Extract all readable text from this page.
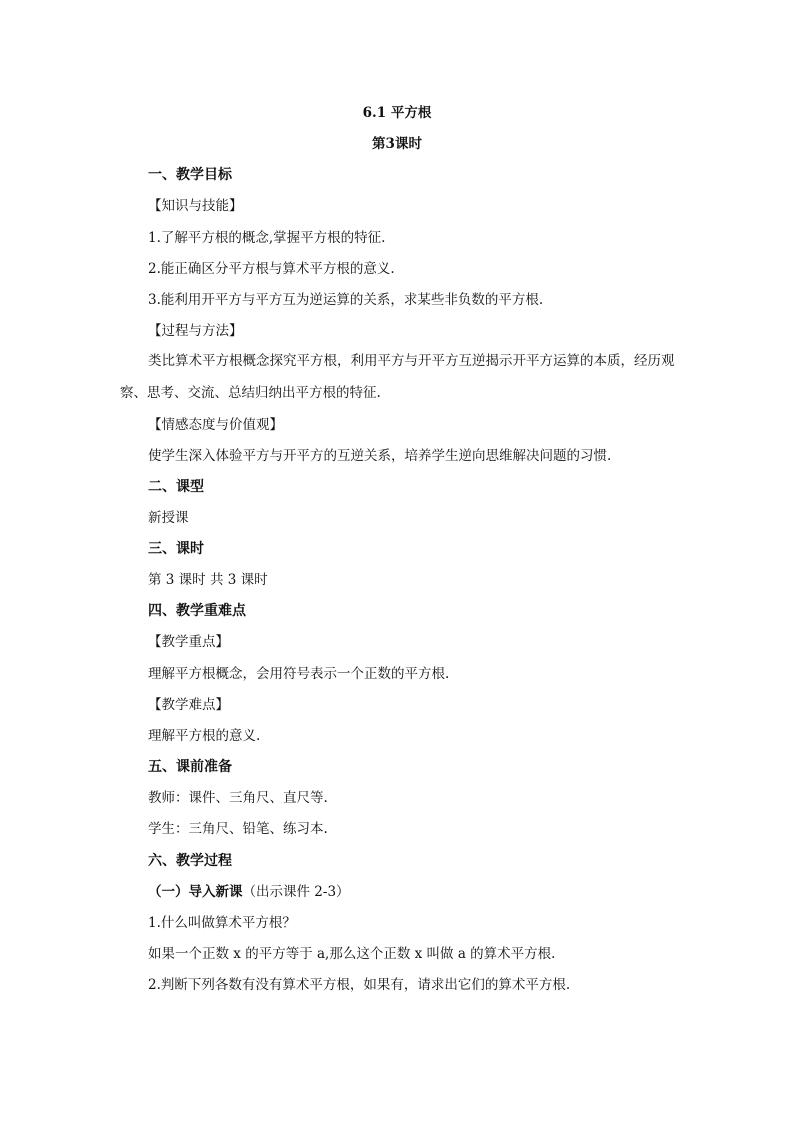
6.1 平方根
第3课时
一、教学目标
【知识与技能】
1.了解平方根的概念,掌握平方根的特征.
2.能正确区分平方根与算术平方根的意义.
3.能利用开平方与平方互为逆运算的关系，求某些非负数的平方根.
【过程与方法】
类比算术平方根概念探究平方根，利用平方与开平方互逆揭示开平方运算的本质，经历观察、思考、交流、总结归纳出平方根的特征.
【情感态度与价值观】
使学生深入体验平方与开平方的互逆关系，培养学生逆向思维解决问题的习惯.
二、课型
新授课
三、课时
第 3 课时 共 3 课时
四、教学重难点
【教学重点】
理解平方根概念，会用符号表示一个正数的平方根.
【教学难点】
理解平方根的意义.
五、课前准备
教师：课件、三角尺、直尺等.
学生：三角尺、铅笔、练习本.
六、教学过程
（一）导入新课（出示课件 2-3）
1.什么叫做算术平方根？
如果一个正数 x 的平方等于 a,那么这个正数 x 叫做 a 的算术平方根.
2.判断下列各数有没有算术平方根，如果有，请求出它们的算术平方根.
